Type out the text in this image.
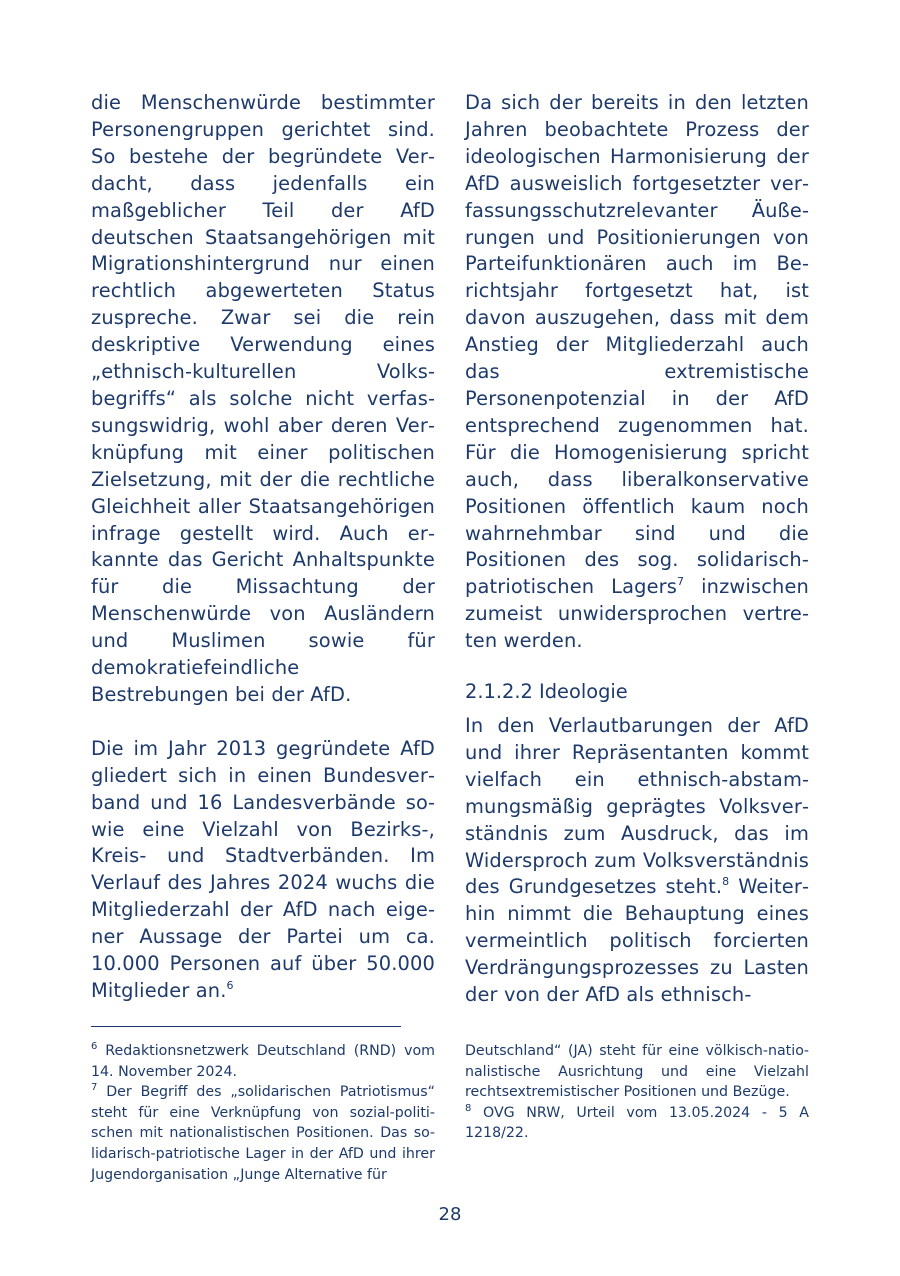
die Menschenwürde bestimmter Personengruppen gerichtet sind. So bestehe der begründete Verdacht, dass jedenfalls ein maßgeblicher Teil der AfD deutschen Staatsangehörigen mit Migrationshintergrund nur einen rechtlich abgewerteten Status zuspreche. Zwar sei die rein deskriptive Verwendung eines „ethnisch-kulturellen Volksbegriffs“ als solche nicht verfassungswidrig, wohl aber deren Verknüpfung mit einer politischen Zielsetzung, mit der die rechtliche Gleichheit aller Staatsangehörigen infrage gestellt wird. Auch erkannte das Gericht Anhaltspunkte für die Missachtung der Menschenwürde von Ausländern und Muslimen sowie für demokratiefeindliche Bestrebungen bei der AfD.

Die im Jahr 2013 gegründete AfD gliedert sich in einen Bundesverband und 16 Landesverbände sowie eine Vielzahl von Bezirks-, Kreis- und Stadtverbänden. Im Verlauf des Jahres 2024 wuchs die Mitgliederzahl der AfD nach eigener Aussage der Partei um ca. 10.000 Personen auf über 50.000 Mitglieder an.$^6$

Da sich der bereits in den letzten Jahren beobachtete Prozess der ideologischen Harmonisierung der AfD ausweislich fortgesetzter verfassungsschutzrelevanter Äußerungen und Positionierungen von Parteifunktionären auch im Berichtsjahr fortgesetzt hat, ist davon auszugehen, dass mit dem Anstieg der Mitgliederzahl auch das extremistische Personenpotenzial in der AfD entsprechend zugenommen hat. Für die Homogenisierung spricht auch, dass liberalkonservative Positionen öffentlich kaum noch wahrnehmbar sind und die Positionen des sog. solidarisch-patriotischen Lagers$^7$ inzwischen zumeist unwidersprochen vertreten werden.

2.1.2.2 Ideologie

In den Verlautbarungen der AfD und ihrer Repräsentanten kommt vielfach ein ethnisch-abstammungsmäßig geprägtes Volksverständnis zum Ausdruck, das im Widersproch zum Volksverständnis des Grundgesetzes steht.$^8$ Weiterhin nimmt die Behauptung eines vermeintlich politisch forcierten Verdrängungsprozesses zu Lasten der von der AfD als ethnisch-

$^6$ Redaktionsnetzwerk Deutschland (RND) vom 14. November 2024.

$^7$ Der Begriff des „solidarischen Patriotismus“ steht für eine Verknüpfung von sozial-politischen mit nationalistischen Positionen. Das solidarisch-patriotische Lager in der AfD und ihrer Jugendorganisation „Junge Alternative für

Deutschland“ (JA) steht für eine völkisch-nationalistische Ausrichtung und eine Vielzahl rechtsextremistischer Positionen und Bezüge.

$^8$ OVG NRW, Urteil vom 13.05.2024 - 5 A 1218/22.

28
